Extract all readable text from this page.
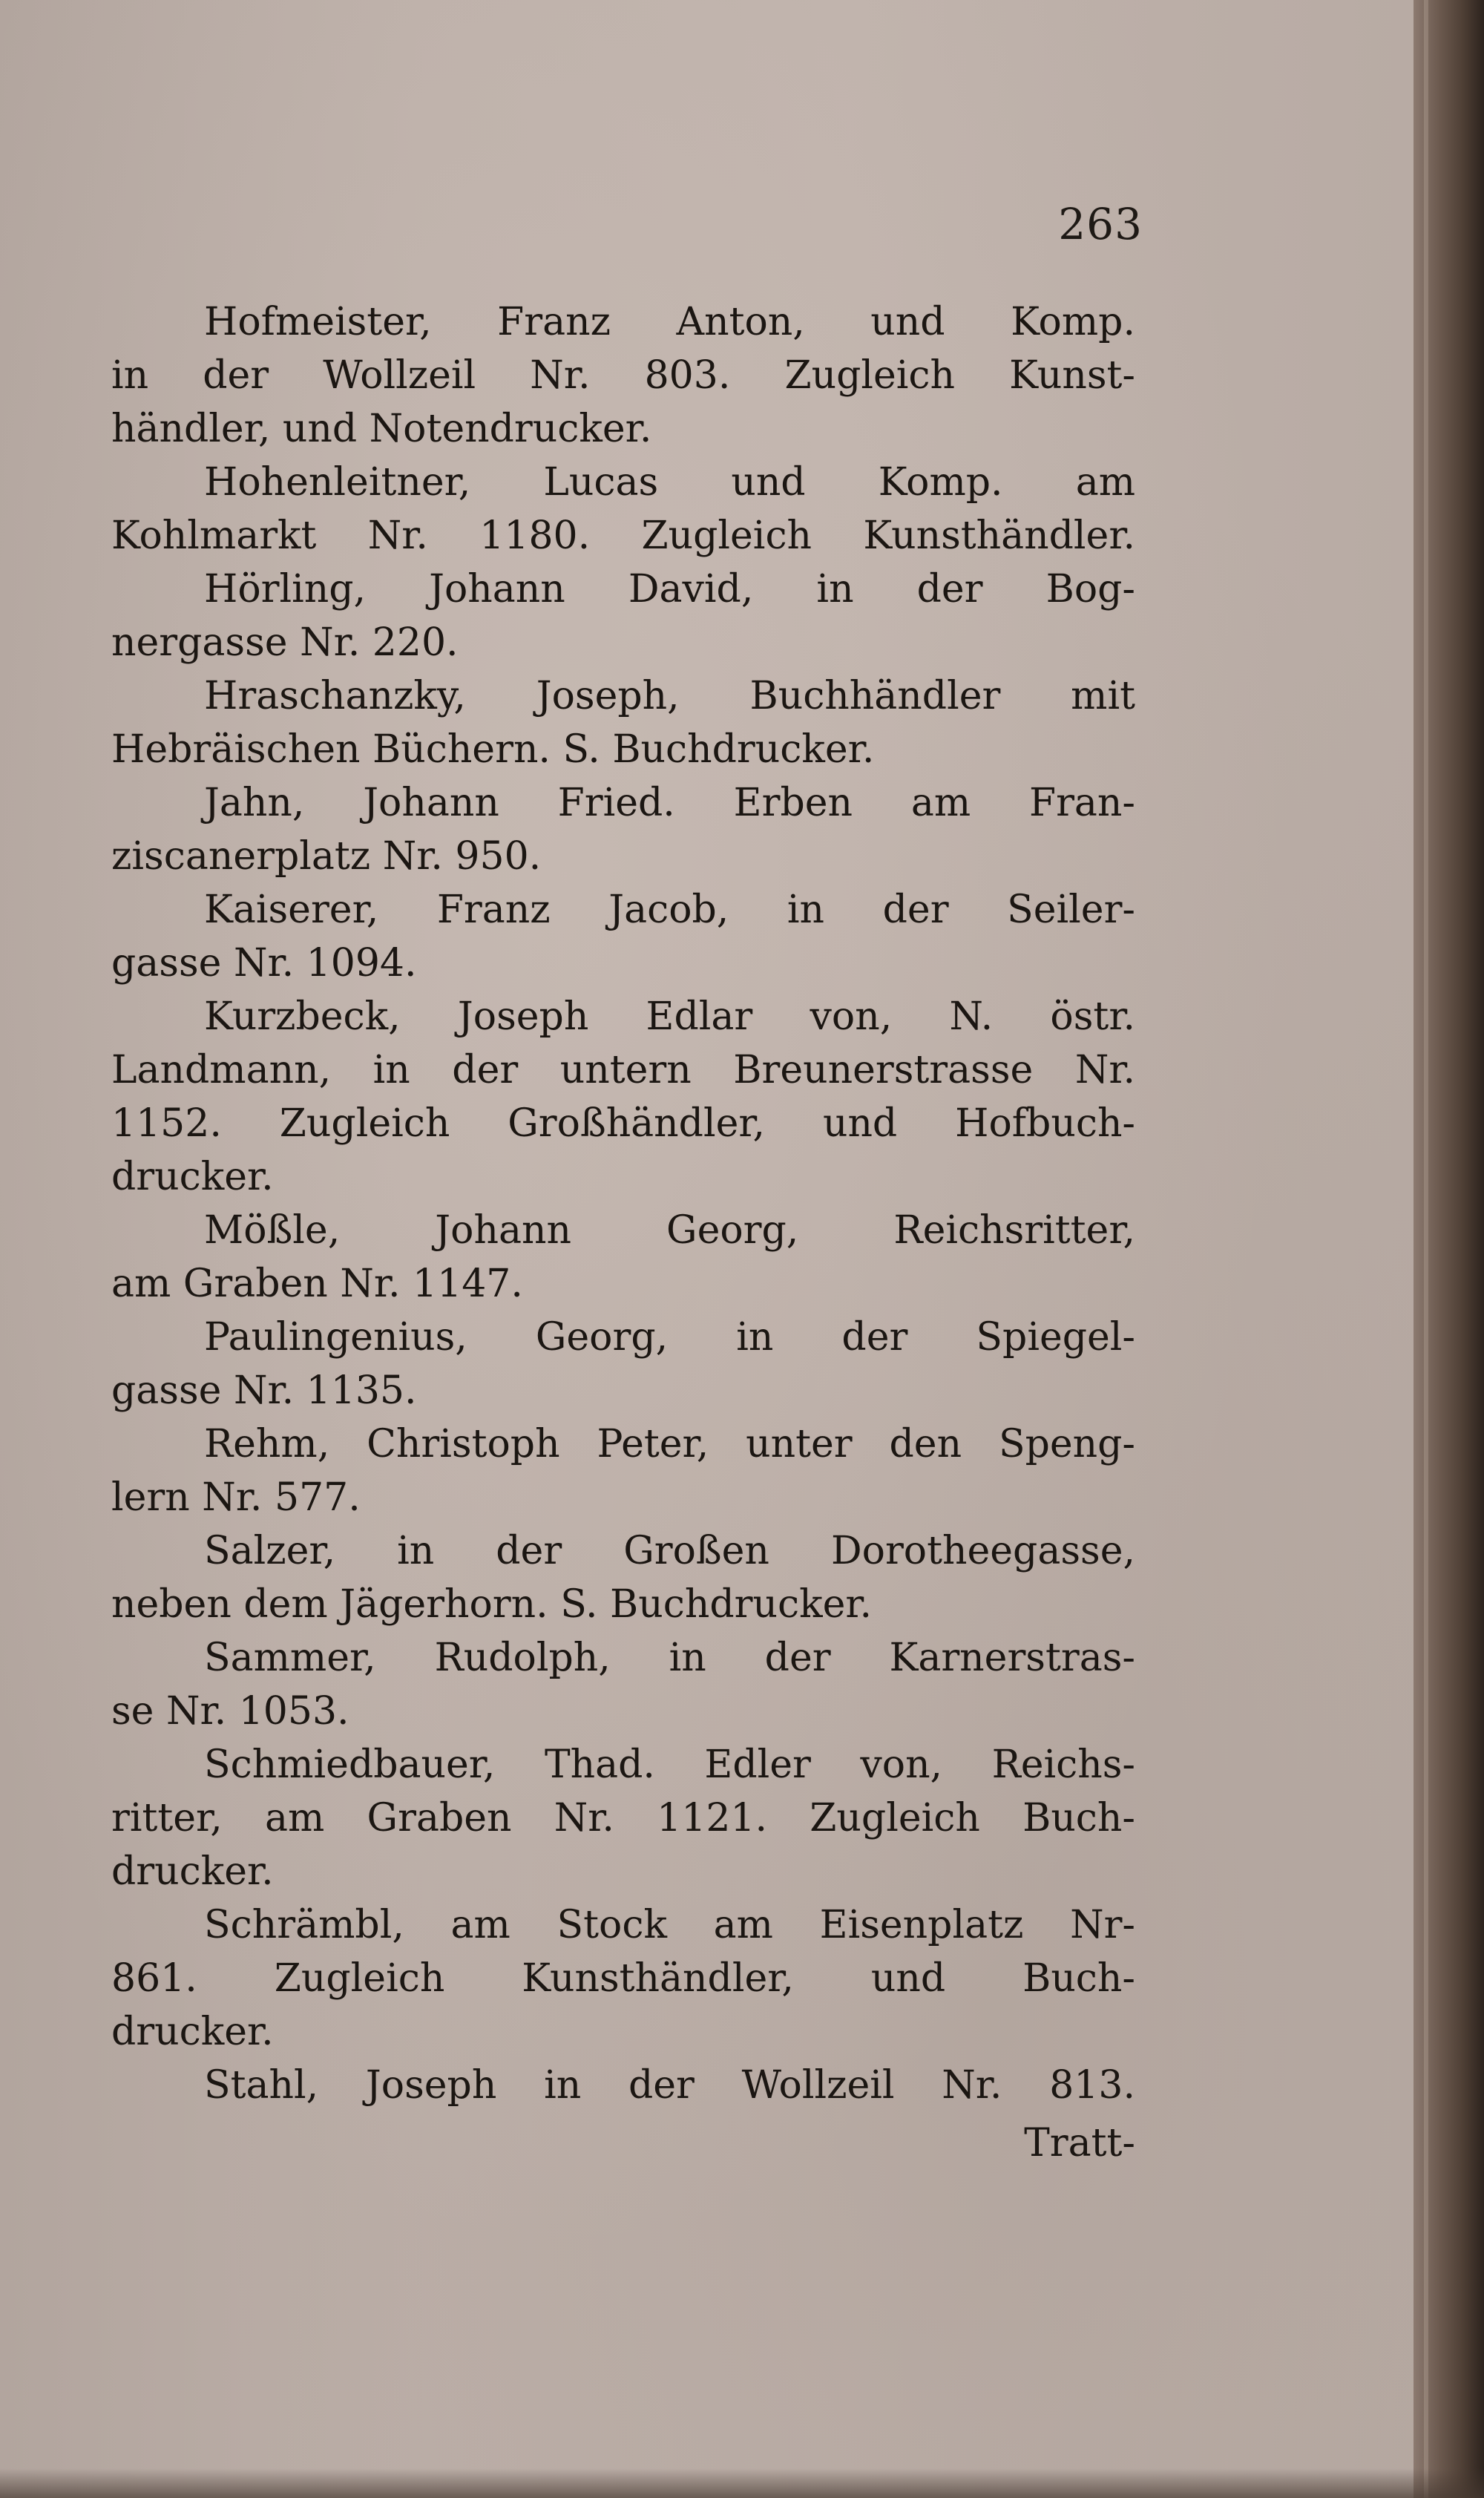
263
Hofmeister, Franz Anton, und Komp.
in der Wollzeil Nr. 803. Zugleich Kunst-
händler, und Notendrucker.
Hohenleitner, Lucas und Komp. am
Kohlmarkt Nr. 1180. Zugleich Kunsthändler.
Hörling, Johann David, in der Bog-
nergasse Nr. 220.
Hraschanzky, Joseph, Buchhändler mit
Hebräischen Büchern. S. Buchdrucker.
Jahn, Johann Fried. Erben am Fran-
ziscanerplatz Nr. 950.
Kaiserer, Franz Jacob, in der Seiler-
gasse Nr. 1094.
Kurzbeck, Joseph Edlar von, N. östr.
Landmann, in der untern Breunerstrasse Nr.
1152. Zugleich Großhändler, und Hofbuch-
drucker.
Mößle, Johann Georg, Reichsritter,
am Graben Nr. 1147.
Paulingenius, Georg, in der Spiegel-
gasse Nr. 1135.
Rehm, Christoph Peter, unter den Speng-
lern Nr. 577.
Salzer, in der Großen Dorotheegasse,
neben dem Jägerhorn. S. Buchdrucker.
Sammer, Rudolph, in der Karnerstras-
se Nr. 1053.
Schmiedbauer, Thad. Edler von, Reichs-
ritter, am Graben Nr. 1121. Zugleich Buch-
drucker.
Schrämbl, am Stock am Eisenplatz Nr-
861. Zugleich Kunsthändler, und Buch-
drucker.
Stahl, Joseph in der Wollzeil Nr. 813.
Tratt-
